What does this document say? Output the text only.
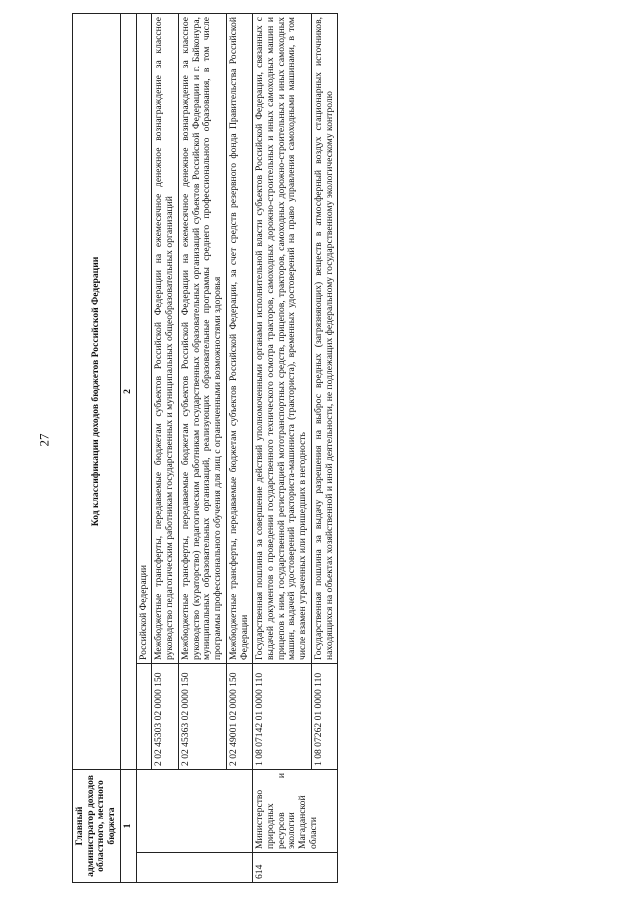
27
Главный администратор доходов областного, местного бюджета		Код классификации доходов бюджетов Российской Федерации	
1		2	
			Российской Федерации
		2 02 45303 02 0000 150	Межбюджетные трансферты, передаваемые бюджетам субъектов Российской Федерации на ежемесячное денежное вознаграждение за классное руководство педагогическим работникам государственных и муниципальных общеобразовательных организаций
		2 02 45363 02 0000 150	Межбюджетные трансферты, передаваемые бюджетам субъектов Российской Федерации на ежемесячное денежное вознаграждение за классное руководство (кураторство) педагогическим работникам государственных образовательных организаций субъектов Российской Федерации и г. Байконура, муниципальных образовательных организаций, реализующих образовательные программы среднего профессионального образования, в том числе программы профессионального обучения для лиц с ограниченными возможностями здоровья
		2 02 49001 02 0000 150	Межбюджетные трансферты, передаваемые бюджетам субъектов Российской Федерации, за счет средств резервного фонда Правительства Российской Федерации
614	Министерство природных ресурсов и экологии Магаданской области	1 08 07142 01 0000 110	Государственная пошлина за совершение действий уполномоченными органами исполнительной власти субъектов Российской Федерации, связанных с выдачей документов о проведении государственного технического осмотра тракторов, самоходных дорожно-строительных и иных самоходных машин и прицепов к ним, государственной регистрацией мототранспортных средств, прицепов, тракторов, самоходных дорожно-строительных и иных самоходных машин, выдачей удостоверений тракториста-машиниста (тракториста), временных удостоверений на право управления самоходными машинами, в том числе взамен утраченных или пришедших в негодность
		1 08 07262 01 0000 110	Государственная пошлина за выдачу разрешения на выброс вредных (загрязняющих) веществ в атмосферный воздух стационарных источников, находящихся на объектах хозяйственной и иной деятельности, не подлежащих федеральному государственному экологическому контролю
